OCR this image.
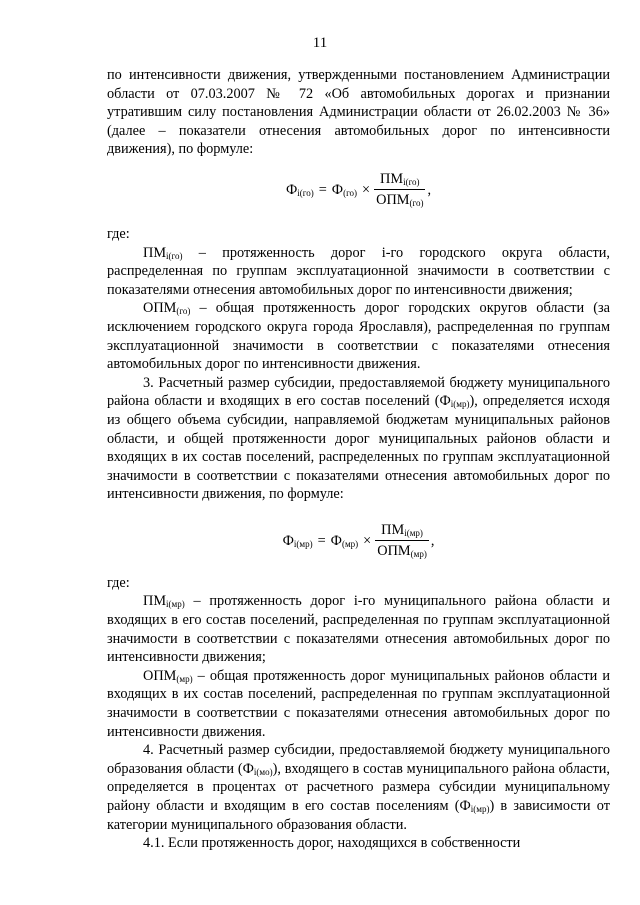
11

по интенсивности движения, утвержденными постановлением Администрации области от 07.03.2007 № 72 «Об автомобильных дорогах и признании утратившим силу постановления Администрации области от 26.02.2003 № 36» (далее – показатели отнесения автомобильных дорог по интенсивности движения), по формуле:

$Ф_{i(го)} = Ф_{(го)} \times \frac{ПМ_{i(го)}}{ОПМ_{(го)}}$ ,

где:

$ПМ_{i(го)}$ – протяженность дорог i-го городского округа области, распределенная по группам эксплуатационной значимости в соответствии с показателями отнесения автомобильных дорог по интенсивности движения;

$ОПМ_{(го)}$ – общая протяженность дорог городских округов области (за исключением городского округа города Ярославля), распределенная по группам эксплуатационной значимости в соответствии с показателями отнесения автомобильных дорог по интенсивности движения.

3. Расчетный размер субсидии, предоставляемой бюджету муниципального района области и входящих в его состав поселений $(Ф_{i(мр)})$, определяется исходя из общего объема субсидии, направляемой бюджетам муниципальных районов области, и общей протяженности дорог муниципальных районов области и входящих в их состав поселений, распределенных по группам эксплуатационной значимости в соответствии с показателями отнесения автомобильных дорог по интенсивности движения, по формуле:

$Ф_{i(мр)} = Ф_{(мр)} \times \frac{ПМ_{i(мр)}}{ОПМ_{(мр)}}$ ,

где:

$ПМ_{i(мр)}$ – протяженность дорог i-го муниципального района области и входящих в его состав поселений, распределенная по группам эксплуатационной значимости в соответствии с показателями отнесения автомобильных дорог по интенсивности движения;

$ОПМ_{(мр)}$ – общая протяженность дорог муниципальных районов области и входящих в их состав поселений, распределенная по группам эксплуатационной значимости в соответствии с показателями отнесения автомобильных дорог по интенсивности движения.

4. Расчетный размер субсидии, предоставляемой бюджету муниципального образования области $(Ф_{i(мо)})$, входящего в состав муниципального района области, определяется в процентах от расчетного размера субсидии муниципальному району области и входящим в его состав поселениям $(Ф_{i(мр)})$ в зависимости от категории муниципального образования области.

4.1. Если протяженность дорог, находящихся в собственности
